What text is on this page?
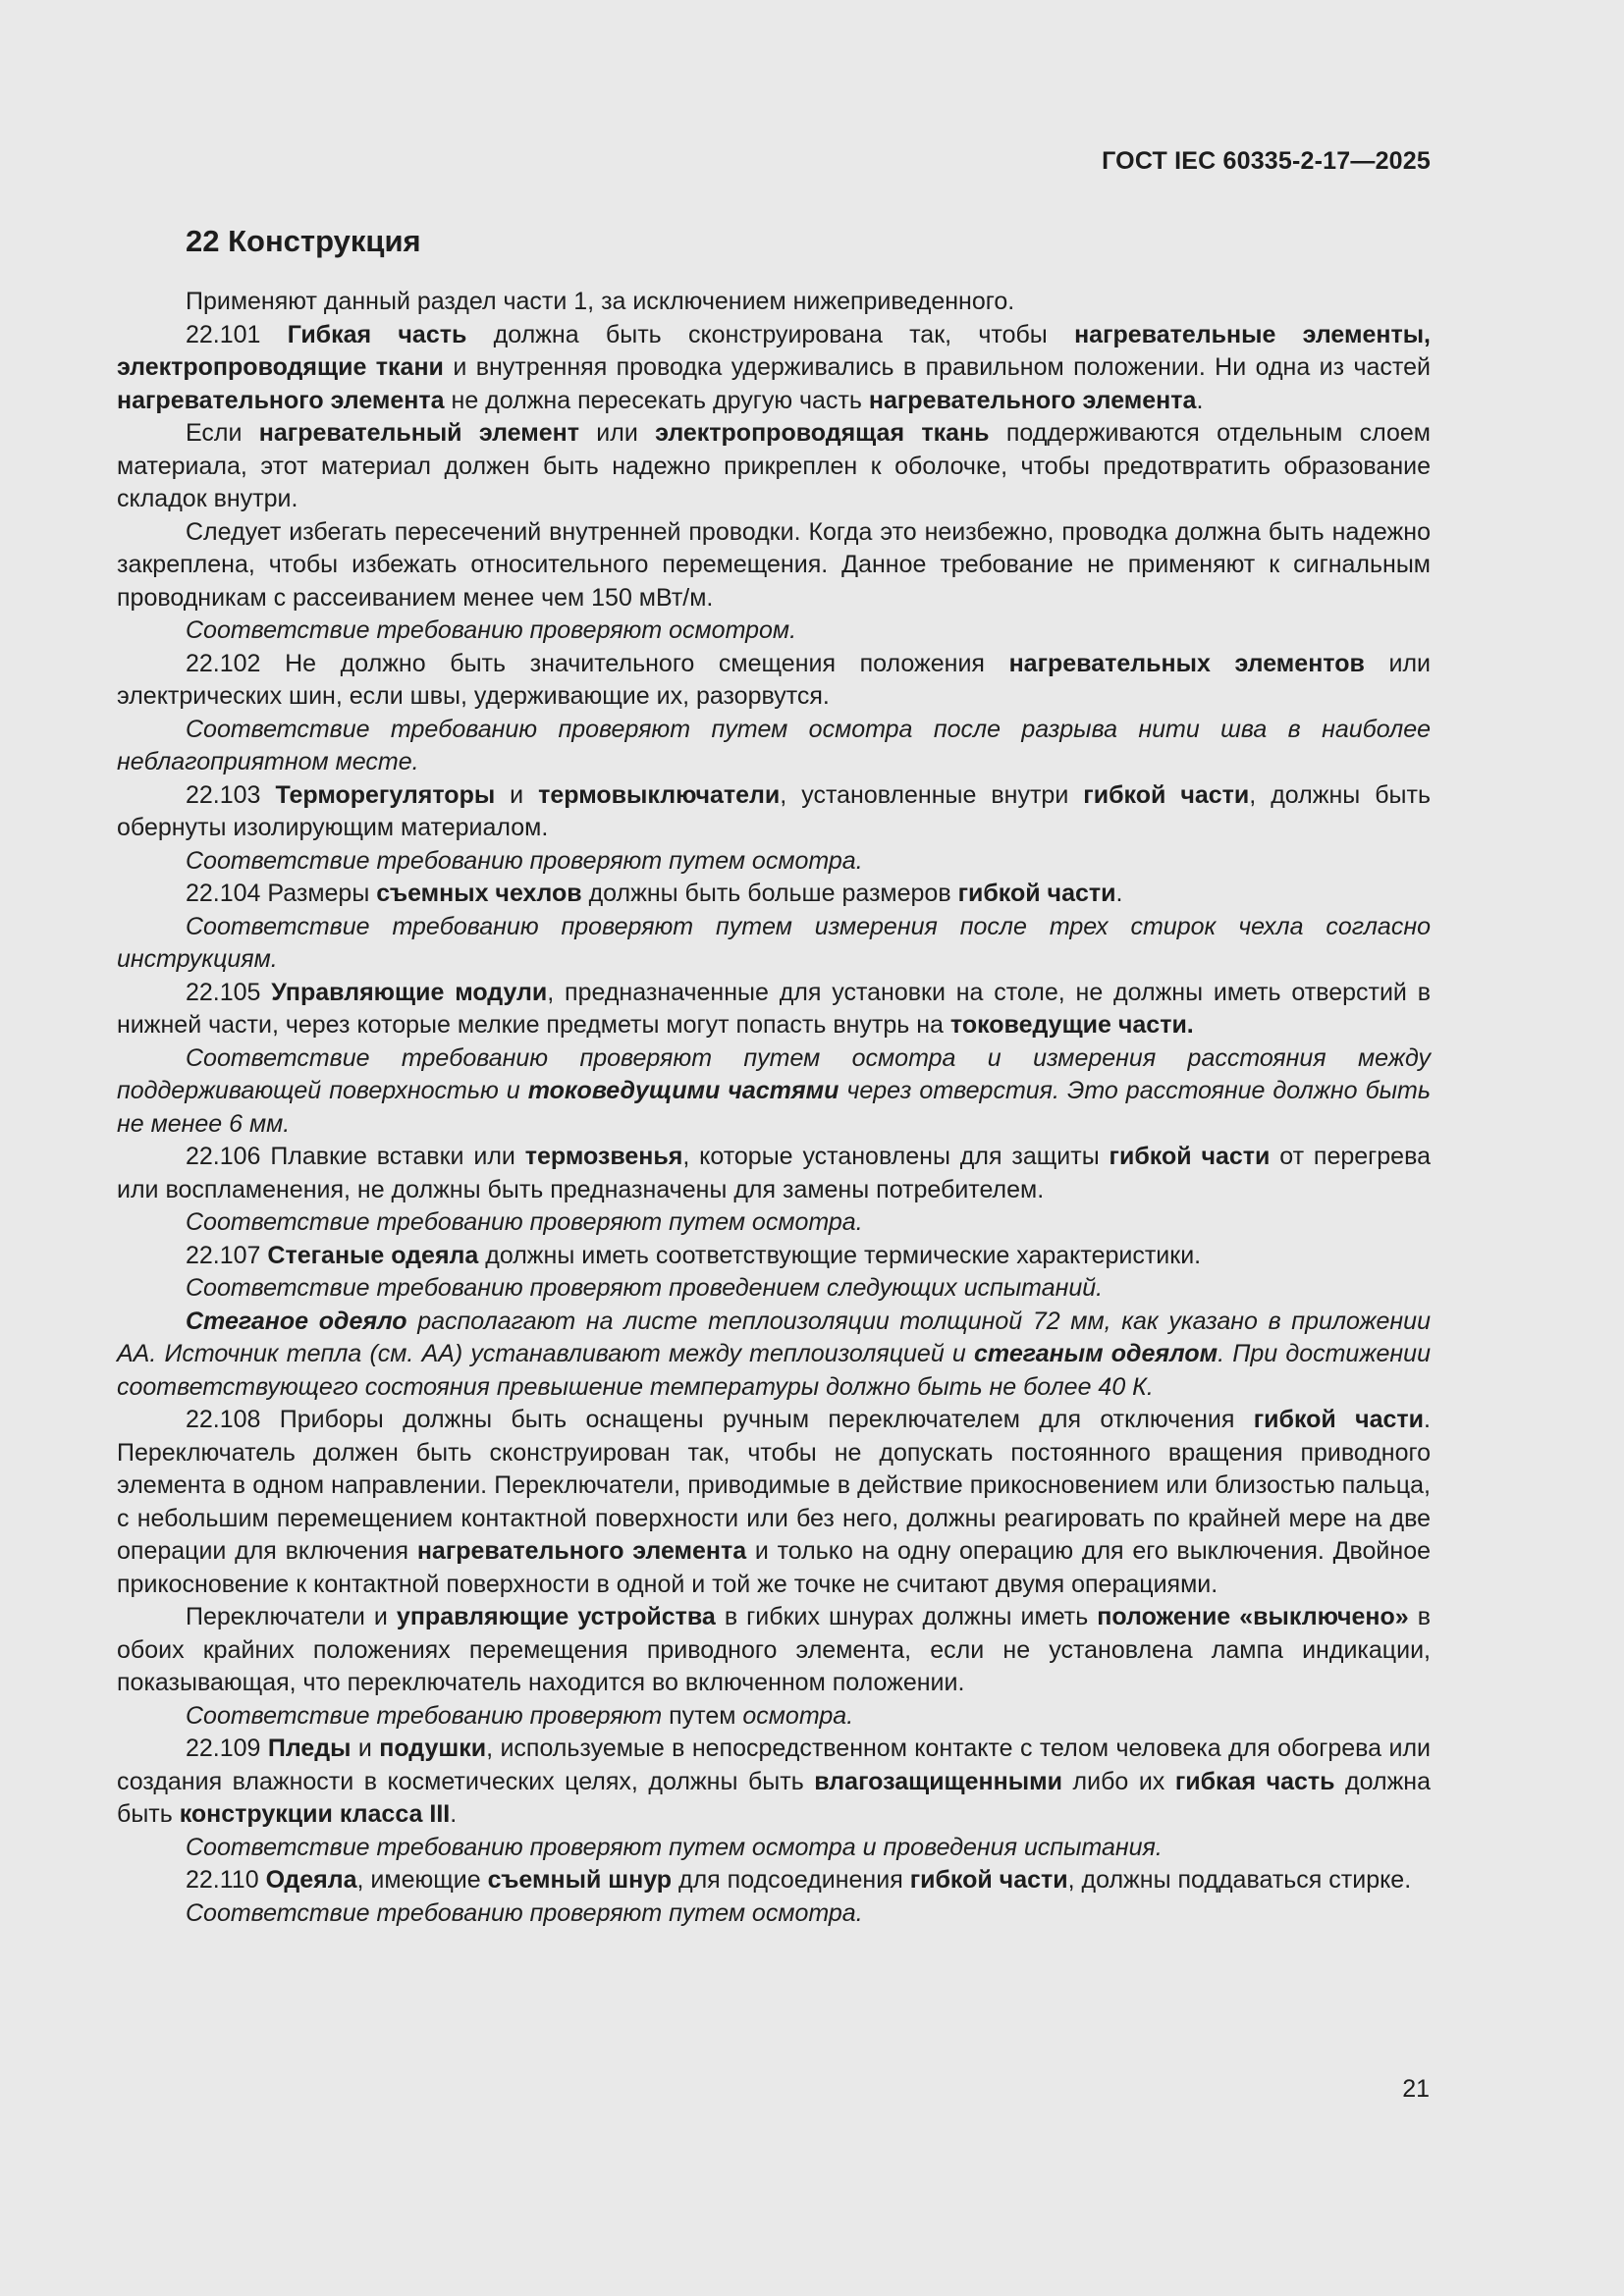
ГОСТ IEC 60335-2-17—2025
22 Конструкция

Применяют данный раздел части 1, за исключением нижеприведенного.

22.101 Гибкая часть должна быть сконструирована так, чтобы нагревательные элементы, электропроводящие ткани и внутренняя проводка удерживались в правильном положении. Ни одна из частей нагревательного элемента не должна пересекать другую часть нагревательного элемента.

Если нагревательный элемент или электропроводящая ткань поддерживаются отдельным слоем материала, этот материал должен быть надежно прикреплен к оболочке, чтобы предотвратить образование складок внутри.

Следует избегать пересечений внутренней проводки. Когда это неизбежно, проводка должна быть надежно закреплена, чтобы избежать относительного перемещения. Данное требование не применяют к сигнальным проводникам с рассеиванием менее чем 150 мВт/м.

Соответствие требованию проверяют осмотром.

22.102 Не должно быть значительного смещения положения нагревательных элементов или электрических шин, если швы, удерживающие их, разорвутся.

Соответствие требованию проверяют путем осмотра после разрыва нити шва в наиболее неблагоприятном месте.

22.103 Терморегуляторы и термовыключатели, установленные внутри гибкой части, должны быть обернуты изолирующим материалом.

Соответствие требованию проверяют путем осмотра.

22.104 Размеры съемных чехлов должны быть больше размеров гибкой части.

Соответствие требованию проверяют путем измерения после трех стирок чехла согласно инструкциям.

22.105 Управляющие модули, предназначенные для установки на столе, не должны иметь отверстий в нижней части, через которые мелкие предметы могут попасть внутрь на токоведущие части.

Соответствие требованию проверяют путем осмотра и измерения расстояния между поддерживающей поверхностью и токоведущими частями через отверстия. Это расстояние должно быть не менее 6 мм.

22.106 Плавкие вставки или термозвенья, которые установлены для защиты гибкой части от перегрева или воспламенения, не должны быть предназначены для замены потребителем.

Соответствие требованию проверяют путем осмотра.

22.107 Стеганые одеяла должны иметь соответствующие термические характеристики.

Соответствие требованию проверяют проведением следующих испытаний.

Стеганое одеяло располагают на листе теплоизоляции толщиной 72 мм, как указано в приложении АА. Источник тепла (см. АА) устанавливают между теплоизоляцией и стеганым одеялом. При достижении соответствующего состояния превышение температуры должно быть не более 40 К.

22.108 Приборы должны быть оснащены ручным переключателем для отключения гибкой части. Переключатель должен быть сконструирован так, чтобы не допускать постоянного вращения приводного элемента в одном направлении. Переключатели, приводимые в действие прикосновением или близостью пальца, с небольшим перемещением контактной поверхности или без него, должны реагировать по крайней мере на две операции для включения нагревательного элемента и только на одну операцию для его выключения. Двойное прикосновение к контактной поверхности в одной и той же точке не считают двумя операциями.

Переключатели и управляющие устройства в гибких шнурах должны иметь положение «выключено» в обоих крайних положениях перемещения приводного элемента, если не установлена лампа индикации, показывающая, что переключатель находится во включенном положении.

Соответствие требованию проверяют путем осмотра.

22.109 Пледы и подушки, используемые в непосредственном контакте с телом человека для обогрева или создания влажности в косметических целях, должны быть влагозащищенными либо их гибкая часть должна быть конструкции класса III.

Соответствие требованию проверяют путем осмотра и проведения испытания.

22.110 Одеяла, имеющие съемный шнур для подсоединения гибкой части, должны поддаваться стирке.

Соответствие требованию проверяют путем осмотра.

21
